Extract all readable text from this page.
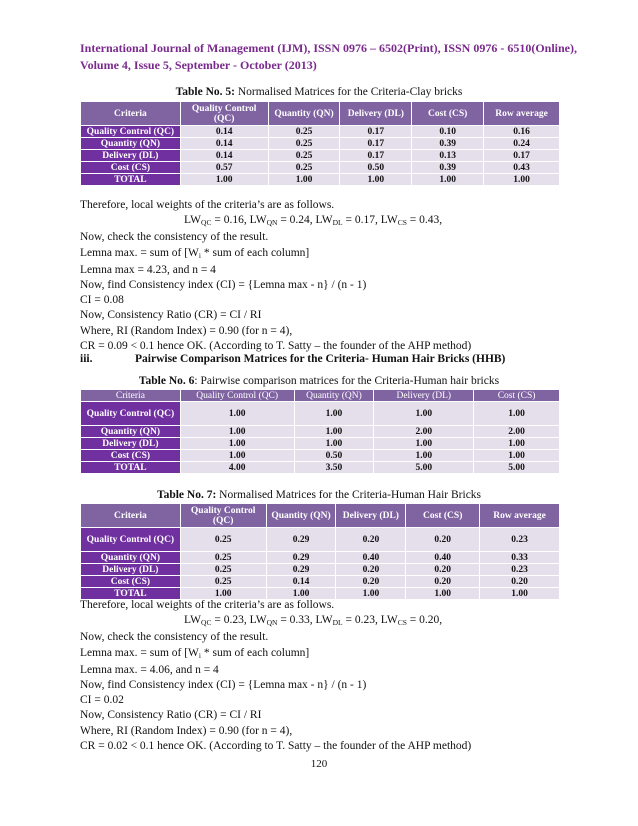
International Journal of Management (IJM), ISSN 0976 – 6502(Print), ISSN 0976 - 6510(Online),
Volume 4, Issue 5, September - October (2013)
Table No. 5: Normalised Matrices for the Criteria-Clay bricks
Criteria	Quality Control (QC)	Quantity (QN)	Delivery (DL)	Cost (CS)	Row average
Quality Control (QC)	0.14	0.25	0.17	0.10	0.16
Quantity (QN)	0.14	0.25	0.17	0.39	0.24
Delivery (DL)	0.14	0.25	0.17	0.13	0.17
Cost (CS)	0.57	0.25	0.50	0.39	0.43
TOTAL	1.00	1.00	1.00	1.00	1.00

Therefore, local weights of the criteria’s are as follows.

$LW_{QC} = 0.16$, $LW_{QN} = 0.24$, $LW_{DL} = 0.17$, $LW_{CS} = 0.43$,

Now, check the consistency of the result.

Lemna max. = sum of [$W_i$ * sum of each column]

Lemna max = 4.23, and n = 4

Now, find Consistency index (CI) = {Lemna max - n} / (n - 1)

CI = 0.08

Now, Consistency Ratio (CR) = CI / RI

Where, RI (Random Index) = 0.90 (for n = 4),

CR = 0.09 < 0.1 hence OK. (According to T. Satty – the founder of the AHP method)

iii.	Pairwise Comparison Matrices for the Criteria- Human Hair Bricks (HHB)
Table No. 6: Pairwise comparison matrices for the Criteria-Human hair bricks
Criteria	Quality Control (QC)	Quantity (QN)	Delivery (DL)	Cost (CS)
Quality Control (QC)	1.00	1.00	1.00	1.00
Quantity (QN)	1.00	1.00	2.00	2.00
Delivery (DL)	1.00	1.00	1.00	1.00
Cost (CS)	1.00	0.50	1.00	1.00
TOTAL	4.00	3.50	5.00	5.00
Table No. 7: Normalised Matrices for the Criteria-Human Hair Bricks
Criteria	Quality Control (QC)	Quantity (QN)	Delivery (DL)	Cost (CS)	Row average
Quality Control (QC)	0.25	0.29	0.20	0.20	0.23
Quantity (QN)	0.25	0.29	0.40	0.40	0.33
Delivery (DL)	0.25	0.29	0.20	0.20	0.23
Cost (CS)	0.25	0.14	0.20	0.20	0.20
TOTAL	1.00	1.00	1.00	1.00	1.00

Therefore, local weights of the criteria’s are as follows.

$LW_{QC} = 0.23$, $LW_{QN} = 0.33$, $LW_{DL} = 0.23$, $LW_{CS} = 0.20$,

Now, check the consistency of the result.

Lemna max. = sum of [$W_i$ * sum of each column]

Lemna max. = 4.06, and n = 4

Now, find Consistency index (CI) = {Lemna max - n} / (n - 1)

CI = 0.02

Now, Consistency Ratio (CR) = CI / RI

Where, RI (Random Index) = 0.90 (for n = 4),

CR = 0.02 < 0.1 hence OK. (According to T. Satty – the founder of the AHP method)

120
